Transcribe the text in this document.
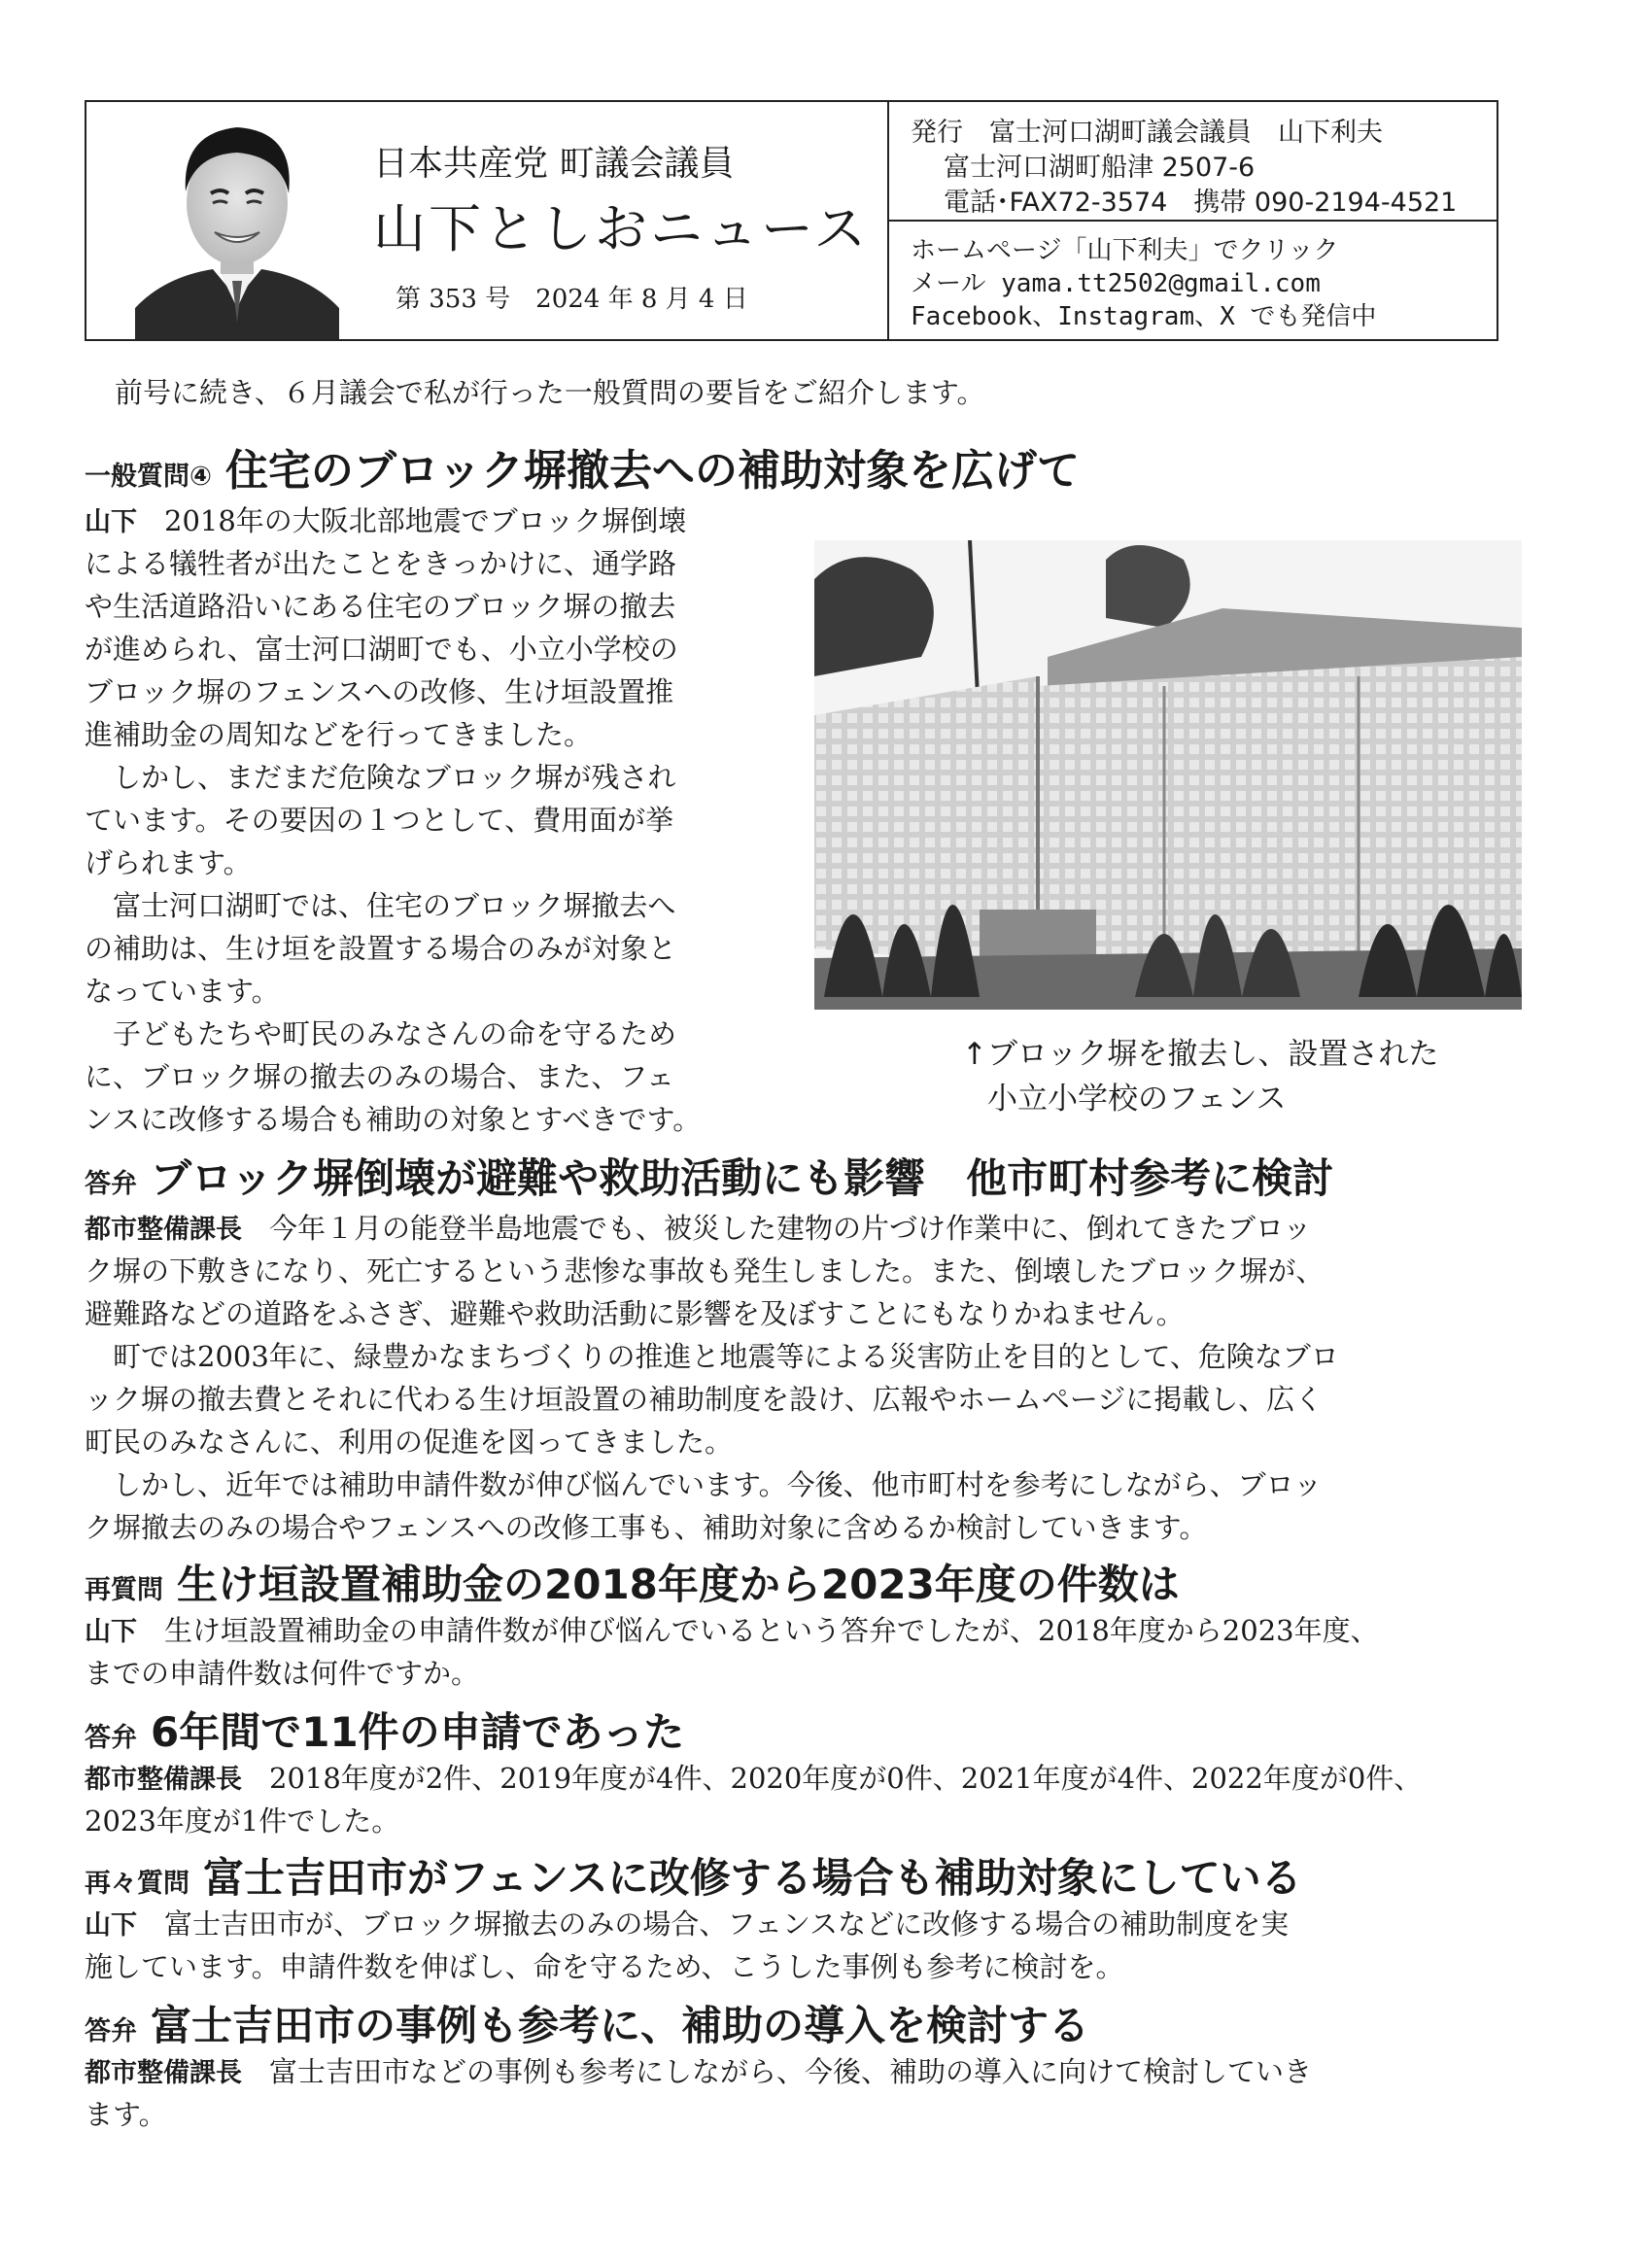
日本共産党 町議会議員
山下としおニュース
第 353 号　2024 年 8 月 4 日
発行　富士河口湖町議会議員　山下利夫
富士河口湖町船津 2507-6
電話･FAX72-3574　携帯 090-2194-4521
ホームページ「山下利夫」でクリック
メール yama.tt2502@gmail.com
Facebook、Instagram、X でも発信中
前号に続き、６月議会で私が行った一般質問の要旨をご紹介します。
一般質問④ 住宅のブロック塀撤去への補助対象を広げて
山下 2018年の大阪北部地震でブロック塀倒壊
による犠牲者が出たことをきっかけに、通学路
や生活道路沿いにある住宅のブロック塀の撤去
が進められ、富士河口湖町でも、小立小学校の
ブロック塀のフェンスへの改修、生け垣設置推
進補助金の周知などを行ってきました。
　しかし、まだまだ危険なブロック塀が残され
ています。その要因の１つとして、費用面が挙
げられます。
　富士河口湖町では、住宅のブロック塀撤去へ
の補助は、生け垣を設置する場合のみが対象と
なっています。
　子どもたちや町民のみなさんの命を守るため
に、ブロック塀の撤去のみの場合、また、フェ
ンスに改修する場合も補助の対象とすべきです。
↑ブロック塀を撤去し、設置された
小立小学校のフェンス
答弁 ブロック塀倒壊が避難や救助活動にも影響　他市町村参考に検討
都市整備課長 今年１月の能登半島地震でも、被災した建物の片づけ作業中に、倒れてきたブロッ
ク塀の下敷きになり、死亡するという悲惨な事故も発生しました。また、倒壊したブロック塀が、
避難路などの道路をふさぎ、避難や救助活動に影響を及ぼすことにもなりかねません。
　町では2003年に、緑豊かなまちづくりの推進と地震等による災害防止を目的として、危険なブロ
ック塀の撤去費とそれに代わる生け垣設置の補助制度を設け、広報やホームページに掲載し、広く
町民のみなさんに、利用の促進を図ってきました。
　しかし、近年では補助申請件数が伸び悩んでいます。今後、他市町村を参考にしながら、ブロッ
ク塀撤去のみの場合やフェンスへの改修工事も、補助対象に含めるか検討していきます。
再質問 生け垣設置補助金の2018年度から2023年度の件数は
山下 生け垣設置補助金の申請件数が伸び悩んでいるという答弁でしたが、2018年度から2023年度、
までの申請件数は何件ですか。
答弁 6年間で11件の申請であった
都市整備課長 2018年度が2件、2019年度が4件、2020年度が0件、2021年度が4件、2022年度が0件、
2023年度が1件でした。
再々質問 富士吉田市がフェンスに改修する場合も補助対象にしている
山下 富士吉田市が、ブロック塀撤去のみの場合、フェンスなどに改修する場合の補助制度を実
施しています。申請件数を伸ばし、命を守るため、こうした事例も参考に検討を。
答弁 富士吉田市の事例も参考に、補助の導入を検討する
都市整備課長 富士吉田市などの事例も参考にしながら、今後、補助の導入に向けて検討していき
ます。
